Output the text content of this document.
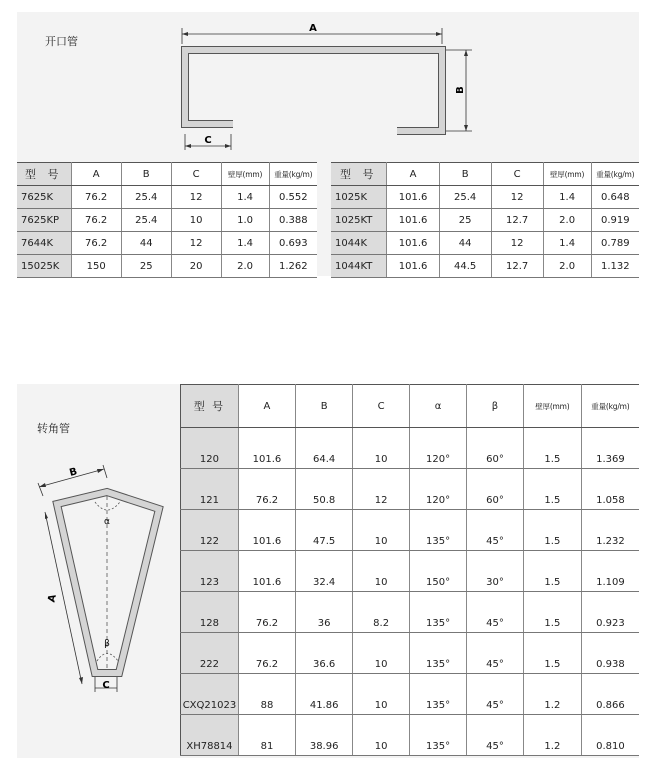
开口管
A
B
C
型 号	A	B	C	壁厚(mm)	重量(kg/m)
7625K	76.2	25.4	12	1.4	0.552
7625KP	76.2	25.4	10	1.0	0.388
7644K	76.2	44	12	1.4	0.693
15025K	150	25	20	2.0	1.262
型 号	A	B	C	壁厚(mm)	重量(kg/m)
1025K	101.6	25.4	12	1.4	0.648
1025KT	101.6	25	12.7	2.0	0.919
1044K	101.6	44	12	1.4	0.789
1044KT	101.6	44.5	12.7	2.0	1.132
转角管
B
A
C
α
β
型 号	A	B	C	α	β	壁厚(mm)	重量(kg/m)
120	101.6	64.4	10	120°	60°	1.5	1.369
121	76.2	50.8	12	120°	60°	1.5	1.058
122	101.6	47.5	10	135°	45°	1.5	1.232
123	101.6	32.4	10	150°	30°	1.5	1.109
128	76.2	36	8.2	135°	45°	1.5	0.923
222	76.2	36.6	10	135°	45°	1.5	0.938
CXQ21023	88	41.86	10	135°	45°	1.2	0.866
XH78814	81	38.96	10	135°	45°	1.2	0.810
